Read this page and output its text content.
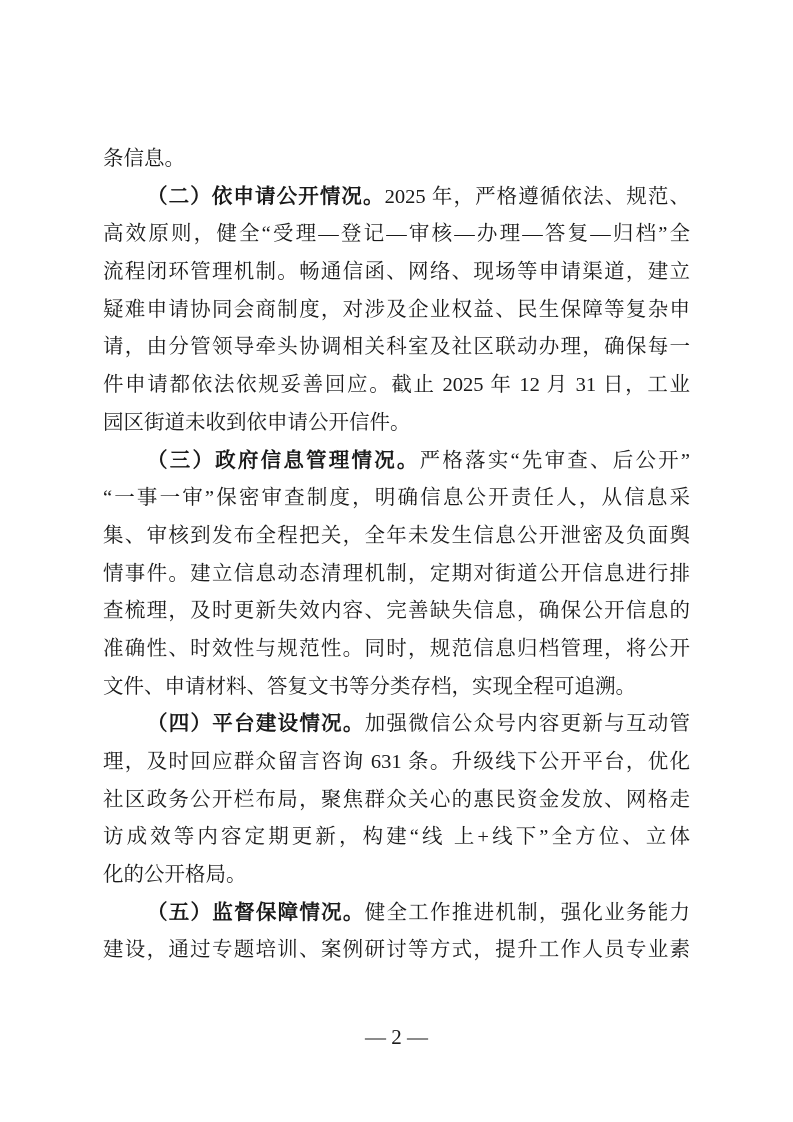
条信息。
（二）依申请公开情况。2025 年，严格遵循依法、规范、
高效原则，健全“受理—登记—审核—办理—答复—归档”全
流程闭环管理机制。畅通信函、网络、现场等申请渠道，建立
疑难申请协同会商制度，对涉及企业权益、民生保障等复杂申
请，由分管领导牵头协调相关科室及社区联动办理，确保每一
件申请都依法依规妥善回应。截止 2025 年 12 月 31 日，工业
园区街道未收到依申请公开信件。
（三）政府信息管理情况。严格落实“先审查、后公开”
“一事一审”保密审查制度，明确信息公开责任人，从信息采
集、审核到发布全程把关，全年未发生信息公开泄密及负面舆
情事件。建立信息动态清理机制，定期对街道公开信息进行排
查梳理，及时更新失效内容、完善缺失信息，确保公开信息的
准确性、时效性与规范性。同时，规范信息归档管理，将公开
文件、申请材料、答复文书等分类存档，实现全程可追溯。
（四）平台建设情况。加强微信公众号内容更新与互动管
理，及时回应群众留言咨询 631 条。升级线下公开平台，优化
社区政务公开栏布局，聚焦群众关心的惠民资金发放、网格走
访成效等内容定期更新，构建“线 上+线下”全方位、立体
化的公开格局。
（五）监督保障情况。健全工作推进机制，强化业务能力
建设，通过专题培训、案例研讨等方式，提升工作人员专业素
— 2 —
